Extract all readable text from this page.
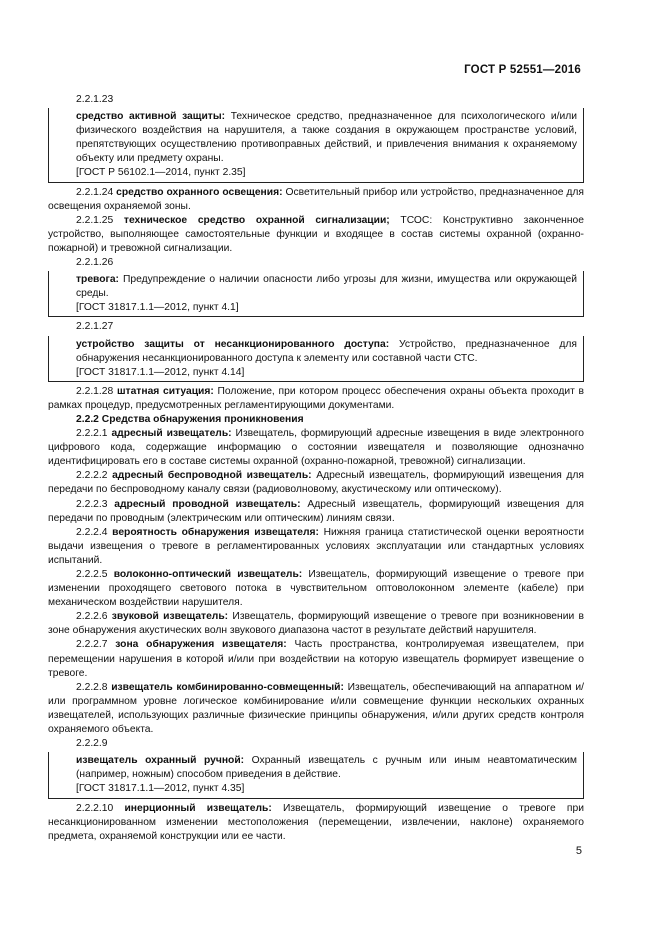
ГОСТ Р 52551—2016
2.2.1.23
средство активной защиты: Техническое средство, предназначенное для психологического и/или физического воздействия на нарушителя, а также создания в окружающем пространстве условий, препятствующих осуществлению противоправных действий, и привлечения внимания к охраняемому объекту или предмету охраны.
[ГОСТ Р 56102.1—2014, пункт 2.35]
2.2.1.24 средство охранного освещения: Осветительный прибор или устройство, предназначенное для освещения охраняемой зоны.
2.2.1.25 техническое средство охранной сигнализации; ТСОС: Конструктивно законченное устройство, выполняющее самостоятельные функции и входящее в состав системы охранной (охранно-пожарной) и тревожной сигнализации.
2.2.1.26
тревога: Предупреждение о наличии опасности либо угрозы для жизни, имущества или окружающей среды.
[ГОСТ 31817.1.1—2012, пункт 4.1]
2.2.1.27
устройство защиты от несанкционированного доступа: Устройство, предназначенное для обнаружения несанкционированного доступа к элементу или составной части СТС.
[ГОСТ 31817.1.1—2012, пункт 4.14]
2.2.1.28 штатная ситуация: Положение, при котором процесс обеспечения охраны объекта проходит в рамках процедур, предусмотренных регламентирующими документами.
2.2.2 Средства обнаружения проникновения
2.2.2.1 адресный извещатель: Извещатель, формирующий адресные извещения в виде электронного цифрового кода, содержащие информацию о состоянии извещателя и позволяющие однозначно идентифицировать его в составе системы охранной (охранно-пожарной, тревожной) сигнализации.
2.2.2.2 адресный беспроводной извещатель: Адресный извещатель, формирующий извещения для передачи по беспроводному каналу связи (радиоволновому, акустическому или оптическому).
2.2.2.3 адресный проводной извещатель: Адресный извещатель, формирующий извещения для передачи по проводным (электрическим или оптическим) линиям связи.
2.2.2.4 вероятность обнаружения извещателя: Нижняя граница статистической оценки вероятности выдачи извещения о тревоге в регламентированных условиях эксплуатации или стандартных условиях испытаний.
2.2.2.5 волоконно-оптический извещатель: Извещатель, формирующий извещение о тревоге при изменении проходящего светового потока в чувствительном оптоволоконном элементе (кабеле) при механическом воздействии нарушителя.
2.2.2.6 звуковой извещатель: Извещатель, формирующий извещение о тревоге при возникновении в зоне обнаружения акустических волн звукового диапазона частот в результате действий нарушителя.
2.2.2.7 зона обнаружения извещателя: Часть пространства, контролируемая извещателем, при перемещении нарушения в которой и/или при воздействии на которую извещатель формирует извещение о тревоге.
2.2.2.8 извещатель комбинированно-совмещенный: Извещатель, обеспечивающий на аппаратном и/или программном уровне логическое комбинирование и/или совмещение функции нескольких охранных извещателей, использующих различные физические принципы обнаружения, и/или других средств контроля охраняемого объекта.
2.2.2.9
извещатель охранный ручной: Охранный извещатель с ручным или иным неавтоматическим (например, ножным) способом приведения в действие.
[ГОСТ 31817.1.1—2012, пункт 4.35]
2.2.2.10 инерционный извещатель: Извещатель, формирующий извещение о тревоге при несанкционированном изменении местоположения (перемещении, извлечении, наклоне) охраняемого предмета, охраняемой конструкции или ее части.
5
